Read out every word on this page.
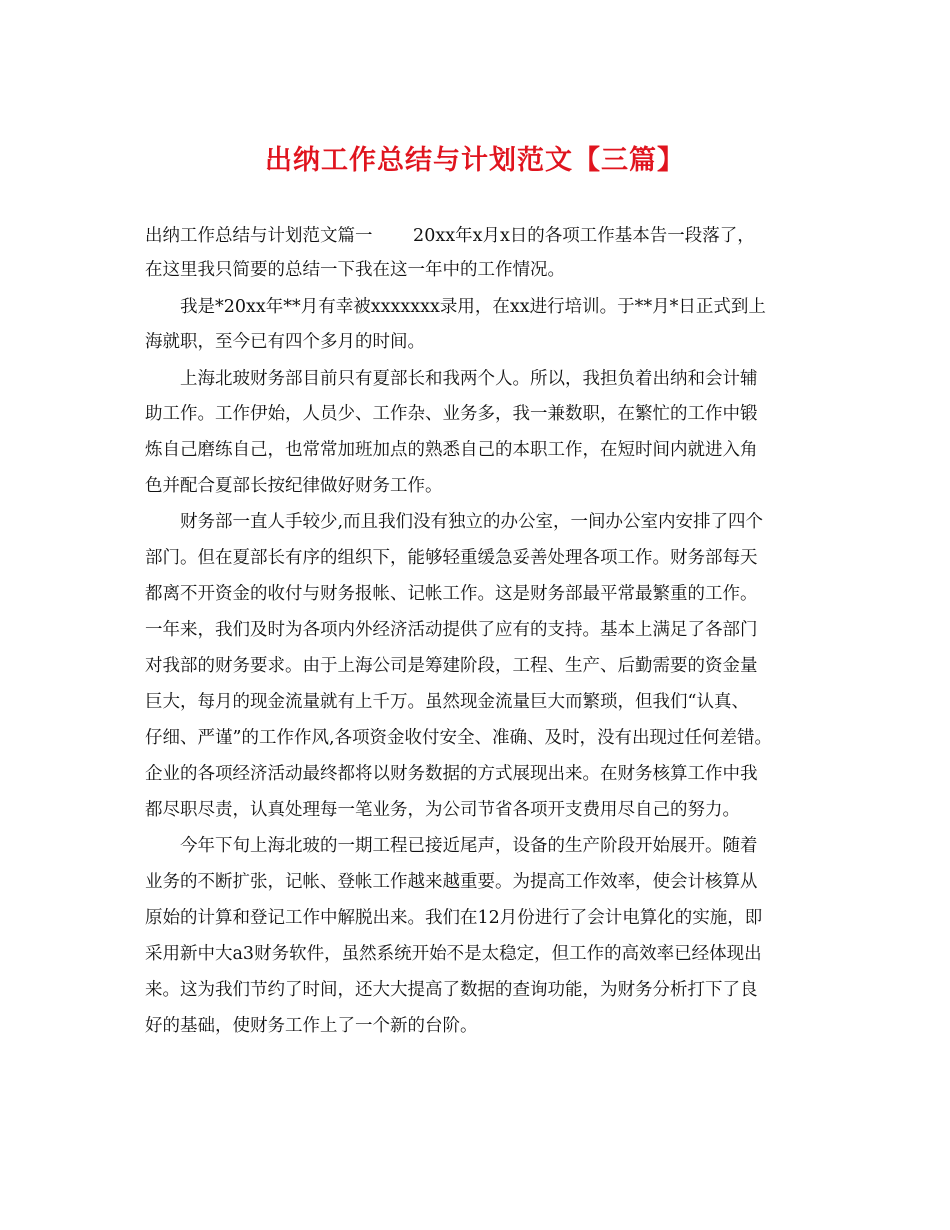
出纳工作总结与计划范文【三篇】
出纳工作总结与计划范文篇一　　 20xx年x月x日的各项工作基本告一段落了，
在这里我只简要的总结一下我在这一年中的工作情况。
我是*20xx年**月有幸被xxxxxxx录用，在xx进行培训。于**月*日正式到上
海就职，至今已有四个多月的时间。
上海北玻财务部目前只有夏部长和我两个人。所以，我担负着出纳和会计辅
助工作。工作伊始，人员少、工作杂、业务多，我一兼数职，在繁忙的工作中锻
炼自己磨练自己，也常常加班加点的熟悉自己的本职工作，在短时间内就进入角
色并配合夏部长按纪律做好财务工作。
财务部一直人手较少,而且我们没有独立的办公室，一间办公室内安排了四个
部门。但在夏部长有序的组织下，能够轻重缓急妥善处理各项工作。财务部每天
都离不开资金的收付与财务报帐、记帐工作。这是财务部最平常最繁重的工作。
一年来，我们及时为各项内外经济活动提供了应有的支持。基本上满足了各部门
对我部的财务要求。由于上海公司是筹建阶段，工程、生产、后勤需要的资金量
巨大，每月的现金流量就有上千万。虽然现金流量巨大而繁琐，但我们“认真、
仔细、严谨”的工作作风,各项资金收付安全、准确、及时，没有出现过任何差错。
企业的各项经济活动最终都将以财务数据的方式展现出来。在财务核算工作中我
都尽职尽责，认真处理每一笔业务，为公司节省各项开支费用尽自己的努力。
今年下旬上海北玻的一期工程已接近尾声，设备的生产阶段开始展开。随着
业务的不断扩张，记帐、登帐工作越来越重要。为提高工作效率，使会计核算从
原始的计算和登记工作中解脱出来。我们在12月份进行了会计电算化的实施，即
采用新中大a3财务软件，虽然系统开始不是太稳定，但工作的高效率已经体现出
来。这为我们节约了时间，还大大提高了数据的查询功能，为财务分析打下了良
好的基础，使财务工作上了一个新的台阶。
